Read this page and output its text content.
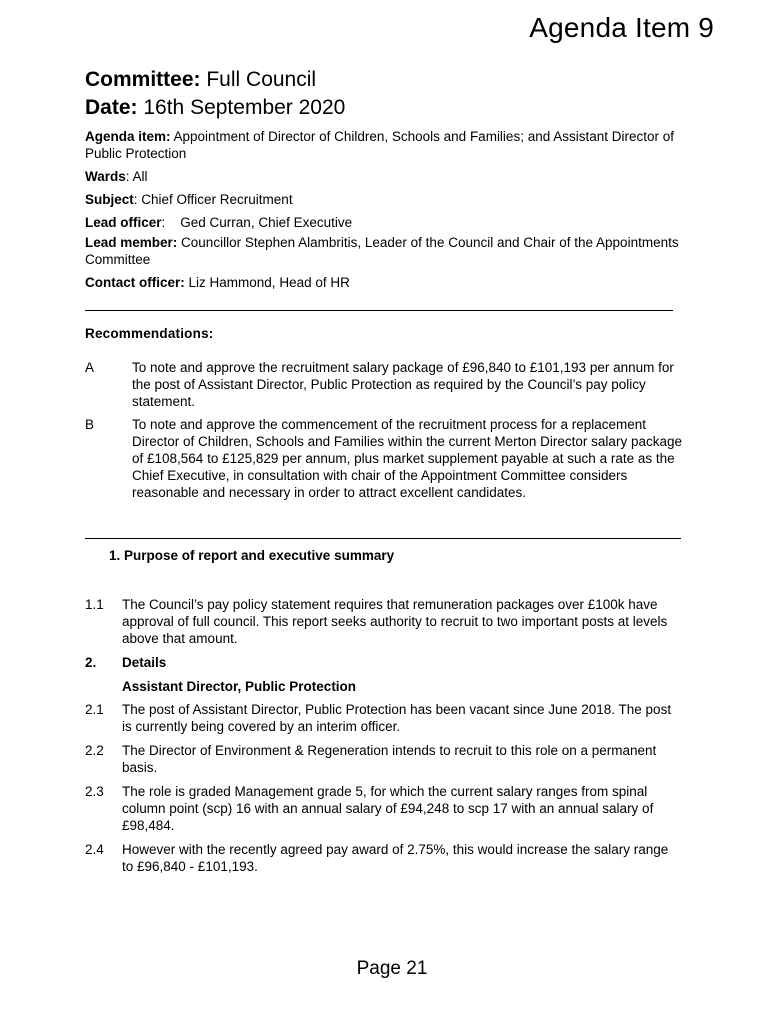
Agenda Item 9

Committee: Full Council

Date: 16th September 2020

Agenda item: Appointment of Director of Children, Schools and Families; and Assistant Director of Public Protection

Wards: All

Subject: Chief Officer Recruitment

Lead officer:    Ged Curran, Chief Executive

Lead member: Councillor Stephen Alambritis, Leader of the Council and Chair of the Appointments Committee

Contact officer: Liz Hammond, Head of HR

Recommendations:
A	To note and approve the recruitment salary package of £96,840 to £101,193 per annum for the post of Assistant Director, Public Protection as required by the Council’s pay policy statement.
B	To note and approve the commencement of the recruitment process for a replacement Director of Children, Schools and Families within the current Merton Director salary package of £108,564 to £125,829 per annum, plus market supplement payable at such a rate as the Chief Executive, in consultation with chair of the Appointment Committee considers reasonable and necessary in order to attract excellent candidates.
1. Purpose of report and executive summary
1.1 The Council’s pay policy statement requires that remuneration packages over £100k have approval of full council. This report seeks authority to recruit to two important posts at levels above that amount.
2. Details
Assistant Director, Public Protection
2.1 The post of Assistant Director, Public Protection has been vacant since June 2018. The post is currently being covered by an interim officer.
2.2 The Director of Environment & Regeneration intends to recruit to this role on a permanent basis.
2.3 The role is graded Management grade 5, for which the current salary ranges from spinal column point (scp) 16 with an annual salary of £94,248 to scp 17 with an annual salary of £98,484.
2.4 However with the recently agreed pay award of 2.75%, this would increase the salary range to £96,840 - £101,193.
Page 21
